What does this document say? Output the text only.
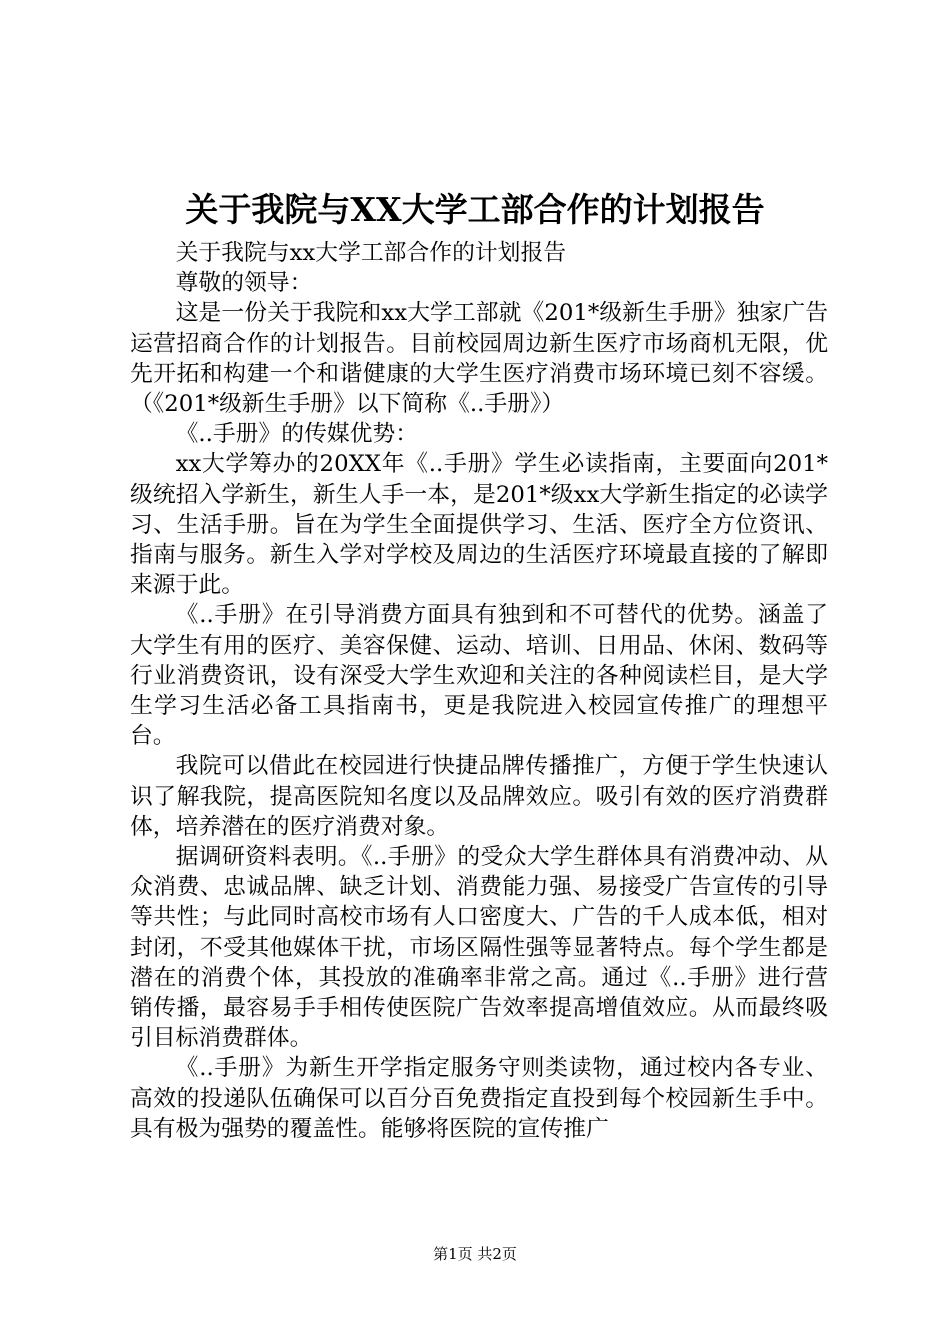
关于我院与XX大学工部合作的计划报告

关于我院与xx大学工部合作的计划报告

尊敬的领导：

这是一份关于我院和xx大学工部就《201*级新生手册》独家广告运营招商合作的计划报告。目前校园周边新生医疗市场商机无限，优先开拓和构建一个和谐健康的大学生医疗消费市场环境已刻不容缓。（《201*级新生手册》以下简称《..手册》）

《..手册》的传媒优势：

xx大学筹办的20XX年《..手册》学生必读指南，主要面向201*级统招入学新生，新生人手一本，是201*级xx大学新生指定的必读学习、生活手册。旨在为学生全面提供学习、生活、医疗全方位资讯、指南与服务。新生入学对学校及周边的生活医疗环境最直接的了解即来源于此。

《..手册》在引导消费方面具有独到和不可替代的优势。涵盖了大学生有用的医疗、美容保健、运动、培训、日用品、休闲、数码等行业消费资讯，设有深受大学生欢迎和关注的各种阅读栏目，是大学生学习生活必备工具指南书，更是我院进入校园宣传推广的理想平台。

我院可以借此在校园进行快捷品牌传播推广，方便于学生快速认识了解我院，提高医院知名度以及品牌效应。吸引有效的医疗消费群体，培养潜在的医疗消费对象。

据调研资料表明。《..手册》的受众大学生群体具有消费冲动、从众消费、忠诚品牌、缺乏计划、消费能力强、易接受广告宣传的引导等共性；与此同时高校市场有人口密度大、广告的千人成本低，相对封闭，不受其他媒体干扰，市场区隔性强等显著特点。每个学生都是潜在的消费个体，其投放的准确率非常之高。通过《..手册》进行营销传播，最容易手手相传使医院广告效率提高增值效应。从而最终吸引目标消费群体。

《..手册》为新生开学指定服务守则类读物，通过校内各专业、高效的投递队伍确保可以百分百免费指定直投到每个校园新生手中。具有极为强势的覆盖性。能够将医院的宣传推广

第1页 共2页
